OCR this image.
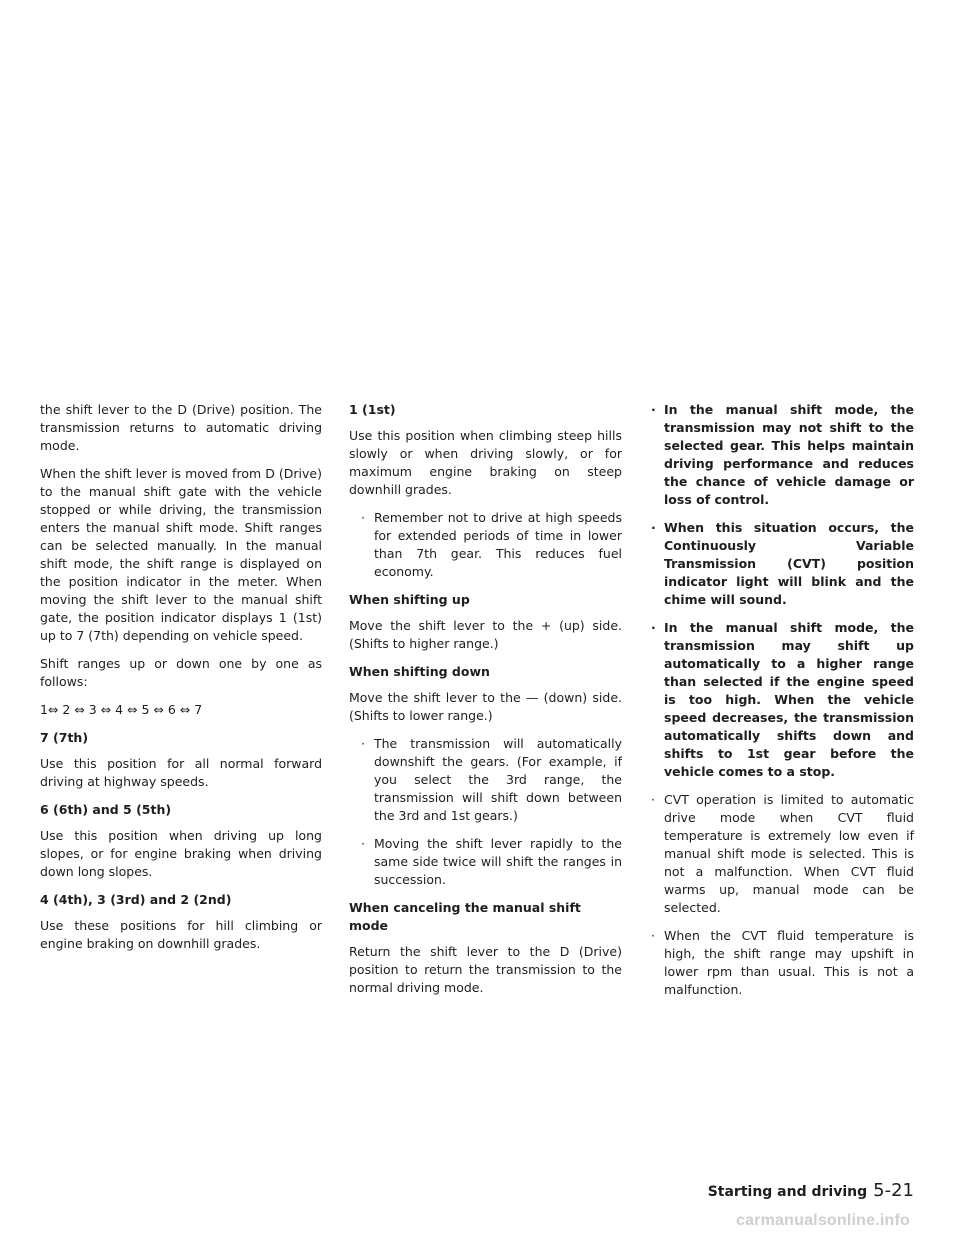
the shift lever to the D (Drive) position. The transmission returns to automatic driving mode.

When the shift lever is moved from D (Drive) to the manual shift gate with the vehicle stopped or while driving, the transmission enters the manual shift mode. Shift ranges can be selected manually. In the manual shift mode, the shift range is displayed on the position indicator in the meter. When moving the shift lever to the manual shift gate, the position indicator displays 1 (1st) up to 7 (7th) depending on vehicle speed.

Shift ranges up or down one by one as follows:

1⇔ 2 ⇔ 3 ⇔ 4 ⇔ 5 ⇔ 6 ⇔ 7

7 (7th)

Use this position for all normal forward driving at highway speeds.

6 (6th) and 5 (5th)

Use this position when driving up long slopes, or for engine braking when driving down long slopes.

4 (4th), 3 (3rd) and 2 (2nd)

Use these positions for hill climbing or engine braking on downhill grades.

1 (1st)

Use this position when climbing steep hills slowly or when driving slowly, or for maximum engine braking on steep downhill grades.

· Remember not to drive at high speeds for extended periods of time in lower than 7th gear. This reduces fuel economy.

When shifting up

Move the shift lever to the + (up) side. (Shifts to higher range.)

When shifting down

Move the shift lever to the — (down) side. (Shifts to lower range.)

· The transmission will automatically downshift the gears. (For example, if you select the 3rd range, the transmission will shift down between the 3rd and 1st gears.)
· Moving the shift lever rapidly to the same side twice will shift the ranges in succession.

When canceling the manual shift mode

Return the shift lever to the D (Drive) position to return the transmission to the normal driving mode.

· In the manual shift mode, the transmission may not shift to the selected gear. This helps maintain driving performance and reduces the chance of vehicle damage or loss of control.
· When this situation occurs, the Continuously Variable Transmission (CVT) position indicator light will blink and the chime will sound.
· In the manual shift mode, the transmission may shift up automatically to a higher range than selected if the engine speed is too high. When the vehicle speed decreases, the transmission automatically shifts down and shifts to 1st gear before the vehicle comes to a stop.
· CVT operation is limited to automatic drive mode when CVT fluid temperature is extremely low even if manual shift mode is selected. This is not a malfunction. When CVT fluid warms up, manual mode can be selected.
· When the CVT fluid temperature is high, the shift range may upshift in lower rpm than usual. This is not a malfunction.
Starting and driving 5-21
carmanualsonline.info
